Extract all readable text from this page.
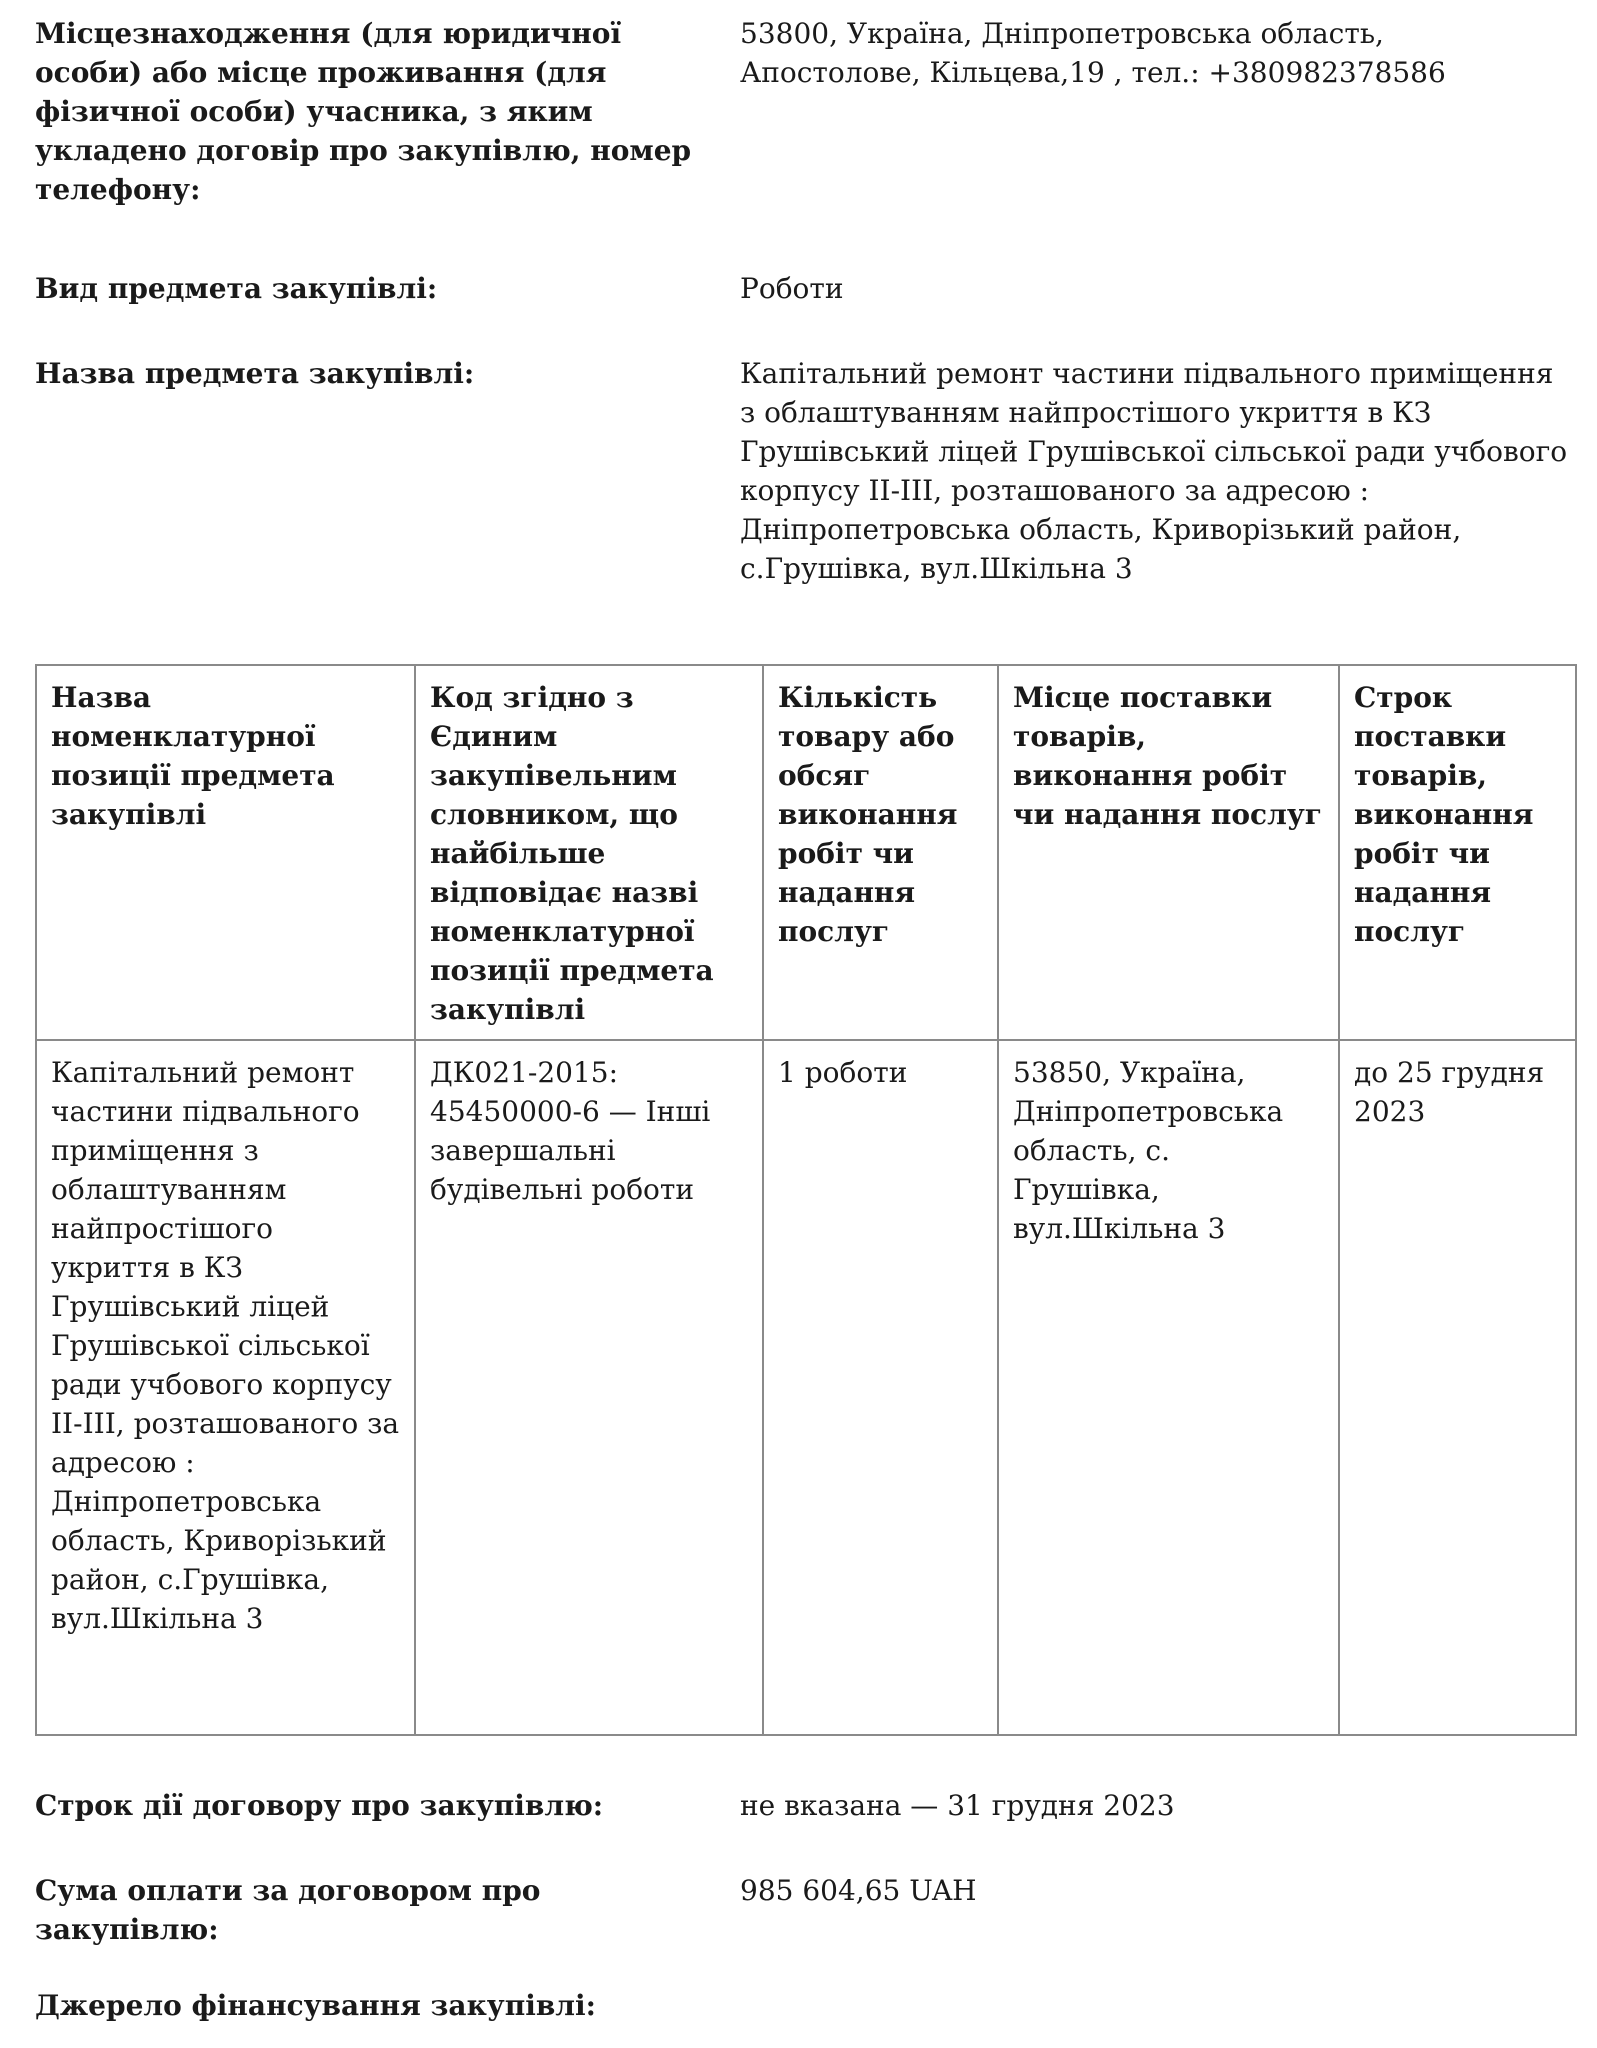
Місцезнаходження (для юридичної особи) або місце проживання (для фізичної особи) учасника, з яким укладено договір про закупівлю, номер телефону:
53800, Україна, Дніпропетровська область,
Апостолове, Кільцева,19 , тел.: +380982378586
Вид предмета закупівлі:	Роботи
Назва предмета закупівлі:	Капітальний ремонт частини підвального приміщення з облаштуванням найпростішого укриття в КЗ Грушівський ліцей Грушівської сільської ради учбового корпусу II-III, розташованого за адресою : Дніпропетровська область, Криворізький район, с.Грушівка, вул.Шкільна 3
Назва номенклатурної позиції предмета закупівлі	Код згідно з Єдиним закупівельним словником, що найбільше відповідає назві номенклатурної позиції предмета закупівлі	Кількість товару або обсяг виконання робіт чи надання послуг	Місце поставки товарів, виконання робіт чи надання послуг	Строк поставки товарів, виконання робіт чи надання послуг
Капітальний ремонт частини підвального приміщення з облаштуванням найпростішого укриття в КЗ Грушівський ліцей Грушівської сільської ради учбового корпусу II-III, розташованого за адресою : Дніпропетровська область, Криворізький район, с.Грушівка, вул.Шкільна 3	ДК021-2015: 45450000-6 — Інші завершальні будівельні роботи	1 роботи	53850, Україна, Дніпропетровська область, с. Грушівка, вул.Шкільна 3	до 25 грудня 2023
Строк дії договору про закупівлю:	не вказана — 31 грудня 2023
Сума оплати за договором про закупівлю:
985 604,65 UAH
Джерело фінансування закупівлі:
